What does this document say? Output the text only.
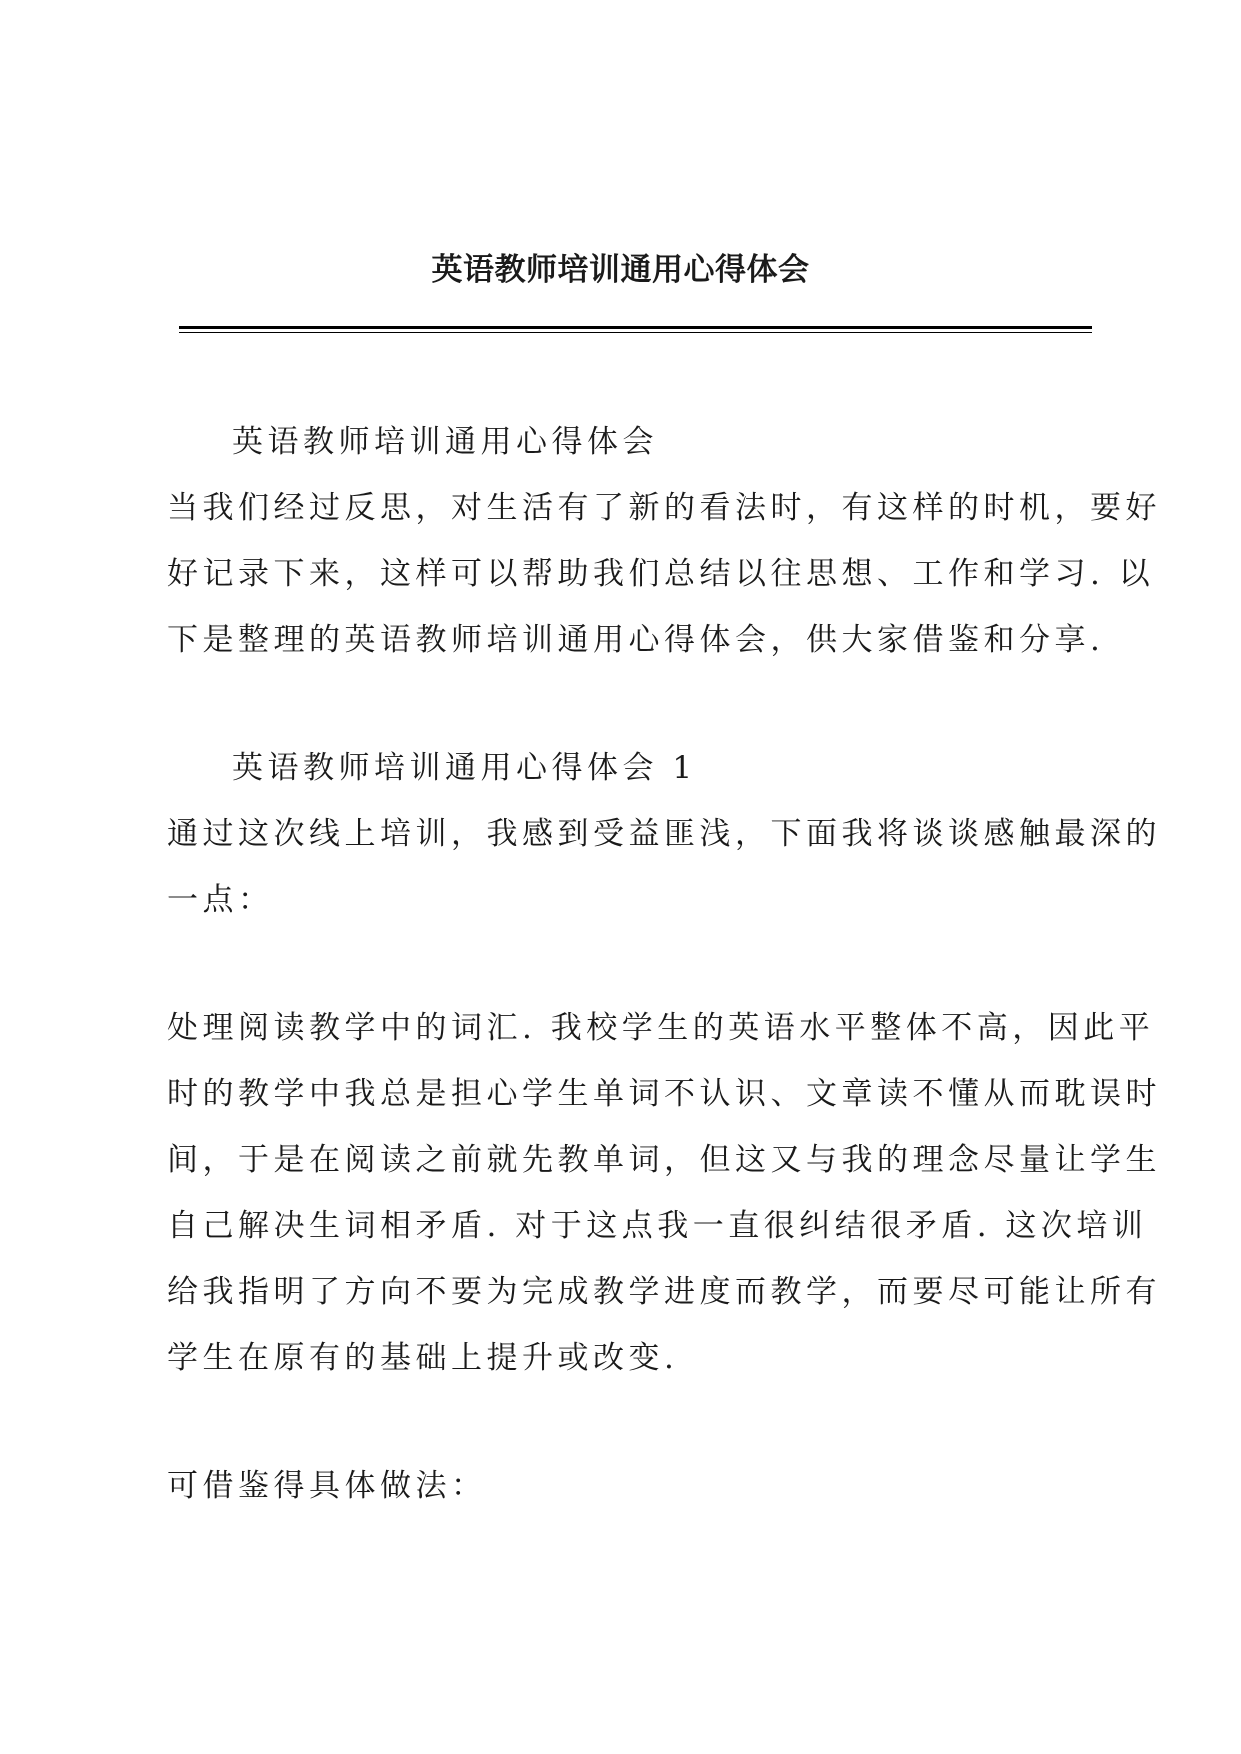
英语教师培训通用心得体会
英语教师培训通用心得体会
当我们经过反思，对生活有了新的看法时，有这样的时机，要好
好记录下来，这样可以帮助我们总结以往思想、工作和学习. 以
下是整理的英语教师培训通用心得体会，供大家借鉴和分享.
英语教师培训通用心得体会 1
通过这次线上培训，我感到受益匪浅，下面我将谈谈感触最深的
一点：
处理阅读教学中的词汇. 我校学生的英语水平整体不高，因此平
时的教学中我总是担心学生单词不认识、文章读不懂从而耽误时
间，于是在阅读之前就先教单词，但这又与我的理念尽量让学生
自己解决生词相矛盾. 对于这点我一直很纠结很矛盾. 这次培训
给我指明了方向不要为完成教学进度而教学，而要尽可能让所有
学生在原有的基础上提升或改变.
可借鉴得具体做法：
